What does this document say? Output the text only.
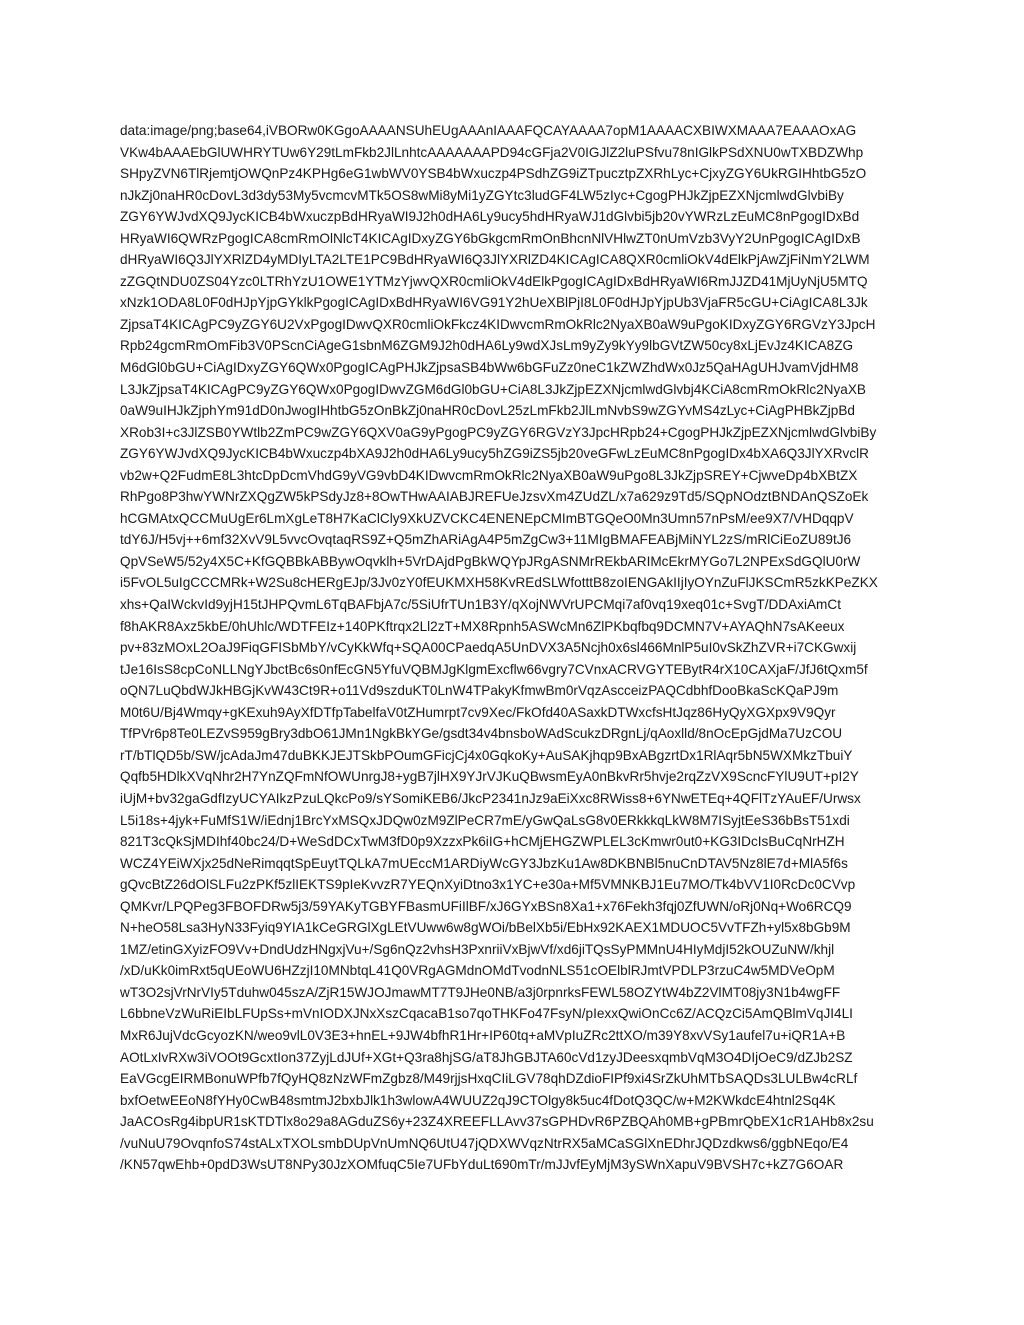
data:image/png;base64,iVBORw0KGgoAAAANSUhEUgAAAnIAAAFQCAYAAAA7opM1AAAACXBIWXMAAA7EAAAOxAG
VKw4bAAAEbGlUWHRYTUw6Y29tLmFkb2JlLnhtcAAAAAAAPD94cGFja2V0IGJlZ2luPSfvu78nIGlkPSdXNU0wTXBDZWhp
SHpyZVN6TlRjemtjOWQnPz4KPHg6eG1wbWV0YSB4bWxuczp4PSdhZG9iZTpucztpZXRhLyc+CjxyZGY6UkRGIHhtbG5zO
nJkZj0naHR0cDovL3d3dy53My5vcmcvMTk5OS8wMi8yMi1yZGYtc3ludGF4LW5zIyc+CgogPHJkZjpEZXNjcmlwdGlvbiBy
ZGY6YWJvdXQ9JycKICB4bWxuczpBdHRyaWI9J2h0dHA6Ly9ucy5hdHRyaWJ1dGlvbi5jb20vYWRzLzEuMC8nPgogIDxBd
HRyaWI6QWRzPgogICA8cmRmOlNlcT4KICAgIDxyZGY6bGkgcmRmOnBhcnNlVHlwZT0nUmVzb3VyY2UnPgogICAgIDxB
dHRyaWI6Q3JlYXRlZD4yMDIyLTA2LTE1PC9BdHRyaWI6Q3JlYXRlZD4KICAgICA8QXR0cmliOkV4dElkPjAwZjFiNmY2LWM
zZGQtNDU0ZS04Yzc0LTRhYzU1OWE1YTMzYjwvQXR0cmliOkV4dElkPgogICAgIDxBdHRyaWI6RmJJZD41MjUyNjU5MTQ
xNzk1ODA8L0F0dHJpYjpGYklkPgogICAgIDxBdHRyaWI6VG91Y2hUeXBlPjI8L0F0dHJpYjpUb3VjaFR5cGU+CiAgICA8L3Jk
ZjpsaT4KICAgPC9yZGY6U2VxPgogIDwvQXR0cmliOkFkcz4KIDwvcmRmOkRlc2NyaXB0aW9uPgoKIDxyZGY6RGVzY3JpcH
Rpb24gcmRmOmFib3V0PScnCiAgeG1sbnM6ZGM9J2h0dHA6Ly9wdXJsLm9yZy9kYy9lbGVtZW50cy8xLjEvJz4KICA8ZG
M6dGl0bGU+CiAgIDxyZGY6QWx0PgogICAgPHJkZjpsaSB4bWw6bGFuZz0neC1kZWZhdWx0Jz5QaHAgUHJvamVjdHM8
L3JkZjpsaT4KICAgPC9yZGY6QWx0PgogIDwvZGM6dGl0bGU+CiA8L3JkZjpEZXNjcmlwdGlvbj4KCiA8cmRmOkRlc2NyaXB
0aW9uIHJkZjphYm91dD0nJwogIHhtbG5zOnBkZj0naHR0cDovL25zLmFkb2JlLmNvbS9wZGYvMS4zLyc+CiAgPHBkZjpBd
XRob3I+c3JlZSB0YWtlb2ZmPC9wZGY6QXV0aG9yPgogPC9yZGY6RGVzY3JpcHRpb24+CgogPHJkZjpEZXNjcmlwdGlvbiBy
ZGY6YWJvdXQ9JycKICB4bWxuczp4bXA9J2h0dHA6Ly9ucy5hZG9iZS5jb20veGFwLzEuMC8nPgogIDx4bXA6Q3JlYXRvclR
vb2w+Q2FudmE8L3htcDpDcmVhdG9yVG9vbD4KIDwvcmRmOkRlc2NyaXB0aW9uPgo8L3JkZjpSREY+CjwveDp4bXBtZX
RhPgo8P3hwYWNrZXQgZW5kPSdyJz8+8OwTHwAAIABJREFUeJzsvXm4ZUdZL/x7a629z9Td5/SQpNOdztBNDAnQSZoEk
hCGMAtxQCCMuUgEr6LmXgLeT8H7KaClCly9XkUZVCKC4ENENEpCMImBTGQeO0Mn3Umn57nPsM/ee9X7/VHDqqpV
tdY6J/H5vj++6mf32XvV9L5vvcOvqtaqRS9Z+Q5mZhARiAgA4P5mZgCw3+11MIgBMAFEABjMiNYL2zS/mRlCiEoZU89tJ6
QpVSeW5/52y4X5C+KfGQBBkABBywOqvklh+5VrDAjdPgBkWQYpJRgASNMrREkbARIMcEkrMYGo7L2NPExSdGQlU0rW
i5FvOL5uIgCCCMRk+W2Su8cHERgEJp/3Jv0zY0fEUKMXH58KvREdSLWfotttB8zoIENGAkIIjIyOYnZuFlJKSCmR5zkKPeZKX
xhs+QaIWckvId9yjH15tJHPQvmL6TqBAFbjA7c/5SiUfrTUn1B3Y/qXojNWVrUPCMqi7af0vq19xeq01c+SvgT/DDAxiAmCt
f8hAKR8Axz5kbE/0hUhlc/WDTFEIz+140PKftrqx2Ll2zT+MX8Rpnh5ASWcMn6ZlPKbqfbq9DCMN7V+AYAQhN7sAKeeux
pv+83zMOxL2OaJ9FiqGFISbMbY/vCyKkWfq+SQA00CPaedqA5UnDVX3A5Ncjh0x6sl466MnlP5uI0vSkZhZVR+i7CKGwxij
tJe16IsS8cpCoNLLNgYJbctBc6s0nfEcGN5YfuVQBMJgKlgmExcflw66vgry7CVnxACRVGYTEBytR4rX10CAXjaF/JfJ6tQxm5f
oQN7LuQbdWJkHBGjKvW43Ct9R+o11Vd9szduKT0LnW4TPakyKfmwBm0rVqzAscceizPAQCdbhfDooBkaScKQaPJ9m
M0t6U/Bj4Wmqy+gKExuh9AyXfDTfpTabelfaV0tZHumrpt7cv9Xec/FkOfd40ASaxkDTWxcfsHtJqz86HyQyXGXpx9V9Qyr
TfPVr6p8Te0LEZvS959gBry3dbO61JMn1NgkBkYGe/gsdt34v4bnsboWAdScukzDRgnLj/qAoxlld/8nOcEpGjdMa7UzCOU
rT/bTlQD5b/SW/jcAdaJm47duBKKJEJTSkbPOumGFicjCj4x0GqkoKy+AuSAKjhqp9BxABgzrtDx1RlAqr5bN5WXMkzTbuiY
Qqfb5HDlkXVqNhr2H7YnZQFmNfOWUnrgJ8+ygB7jlHX9YJrVJKuQBwsmEyA0nBkvRr5hvje2rqZzVX9ScncFYlU9UT+pI2Y
iUjM+bv32gaGdfIzyUCYAIkzPzuLQkcPo9/sYSomiKEB6/JkcP2341nJz9aEiXxc8RWiss8+6YNwETEq+4QFlTzYAuEF/Urwsx
L5i18s+4jyk+FuMfS1W/iEdnj1BrcYxMSQxJDQw0zM9ZlPeCR7mE/yGwQaLsG8v0ERkkkqLkW8M7ISyjtEeS36bBsT51xdi
821T3cQkSjMDIhf40bc24/D+WeSdDCxTwM3fD0p9XzzxPk6iIG+hCMjEHGZWPLEL3cKmwr0ut0+KG3IDcIsBuCqNrHZH
WCZ4YEiWXjx25dNeRimqqtSpEuytTQLkA7mUEccM1ARDiyWcGY3JbzKu1Aw8DKBNBl5nuCnDTAV5Nz8lE7d+MlA5f6s
gQvcBtZ26dOlSLFu2zPKf5zlIEKTS9pIeKvvzR7YEQnXyiDtno3x1YC+e30a+Mf5VMNKBJ1Eu7MO/Tk4bVV1I0RcDc0CVvp
QMKvr/LPQPeg3FBOFDRw5j3/59YAKyTGBYFBasmUFiIlBF/xJ6GYxBSn8Xa1+x76Fekh3fqj0ZfUWN/oRj0Nq+Wo6RCQ9
N+heO58Lsa3HyN33Fyiq9YIA1kCeGRGlXgLEtVUww6w8gWOi/bBelXb5i/EbHx92KAEX1MDUOC5VvTFZh+yl5x8bGb9M
1MZ/etinGXyizFO9Vv+DndUdzHNgxjVu+/Sg6nQz2vhsH3PxnriiVxBjwVf/xd6jiTQsSyPMMnU4HIyMdjI52kOUZuNW/khjl
/xD/uKk0imRxt5qUEoWU6HZzjI10MNbtqL41Q0VRgAGMdnOMdTvodnNLS51cOElblRJmtVPDLP3rzuC4w5MDVeOpM
wT3O2sjVrNrVIy5Tduhw045szA/ZjR15WJOJmawMT7T9JHe0NB/a3j0rpnrksFEWL58OZYtW4bZ2VlMT08jy3N1b4wgFF
L6bbneVzWuRiEIbLFUpSs+mVnIODXJNxXszCqacaB1so7qoTHKFo47FsyN/pIexxQwiOnCc6Z/ACQzCi5AmQBlmVqJI4LI
MxR6JujVdcGcyozKN/weo9vlL0V3E3+hnEL+9JW4bfhR1Hr+IP60tq+aMVpIuZRc2ttXO/m39Y8xvVSy1aufel7u+iQR1A+B
AOtLxIvRXw3iVOOt9GcxtIon37ZyjLdJUf+XGt+Q3ra8hjSG/aT8JhGBJTA60cVd1zyJDeesxqmbVqM3O4DIjOeC9/dZJb2SZ
EaVGcgEIRMBonuWPfb7fQyHQ8zNzWFmZgbz8/M49rjjsHxqCIiLGV78qhDZdioFIPf9xi4SrZkUhMTbSAQDs3LULBw4cRLf
bxfOetwEEoN8fYHy0CwB48smtmJ2bxbJlk1h3wlowA4WUUZ2qJ9CTOlgy8k5uc4fDotQ3QC/w+M2KWkdcE4htnl2Sq4K
JaACOsRg4ibpUR1sKTDTlx8o29a8AGduZS6y+23Z4XREEFLLAvv37sGPHDvR6PZBQAh0MB+gPBmrQbEX1cR1AHb8x2su
/vuNuU79OvqnfoS74stALxTXOLsmbDUpVnUmNQ6UtU47jQDXWVqzNtrRX5aMCaSGlXnEDhrJQDzdkws6/ggbNEqo/E4
/KN57qwEhb+0pdD3WsUT8NPy30JzXOMfuqC5Ie7UFbYduLt690mTr/mJJvfEyMjM3ySWnXapuV9BVSH7c+kZ7G6OAR
